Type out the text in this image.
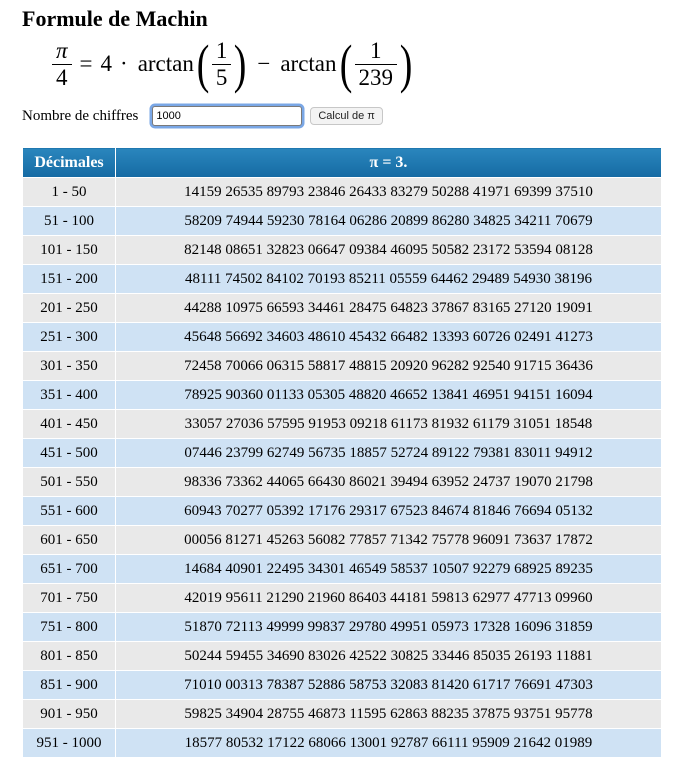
Formule de Machin
$\frac{\pi}{4} = 4 \cdot \arctan$ ( $\frac{1}{5}$ ) − arctan ( $\frac{1}{239}$ )
Nombre de chiffres
1000	Calcul de π
Décimales	π = 3.
1 - 50	14159 26535 89793 23846 26433 83279 50288 41971 69399 37510
51 - 100	58209 74944 59230 78164 06286 20899 86280 34825 34211 70679
101 - 150	82148 08651 32823 06647 09384 46095 50582 23172 53594 08128
151 - 200	48111 74502 84102 70193 85211 05559 64462 29489 54930 38196
201 - 250	44288 10975 66593 34461 28475 64823 37867 83165 27120 19091
251 - 300	45648 56692 34603 48610 45432 66482 13393 60726 02491 41273
301 - 350	72458 70066 06315 58817 48815 20920 96282 92540 91715 36436
351 - 400	78925 90360 01133 05305 48820 46652 13841 46951 94151 16094
401 - 450	33057 27036 57595 91953 09218 61173 81932 61179 31051 18548
451 - 500	07446 23799 62749 56735 18857 52724 89122 79381 83011 94912
501 - 550	98336 73362 44065 66430 86021 39494 63952 24737 19070 21798
551 - 600	60943 70277 05392 17176 29317 67523 84674 81846 76694 05132
601 - 650	00056 81271 45263 56082 77857 71342 75778 96091 73637 17872
651 - 700	14684 40901 22495 34301 46549 58537 10507 92279 68925 89235
701 - 750	42019 95611 21290 21960 86403 44181 59813 62977 47713 09960
751 - 800	51870 72113 49999 99837 29780 49951 05973 17328 16096 31859
801 - 850	50244 59455 34690 83026 42522 30825 33446 85035 26193 11881
851 - 900	71010 00313 78387 52886 58753 32083 81420 61717 76691 47303
901 - 950	59825 34904 28755 46873 11595 62863 88235 37875 93751 95778
951 - 1000	18577 80532 17122 68066 13001 92787 66111 95909 21642 01989
